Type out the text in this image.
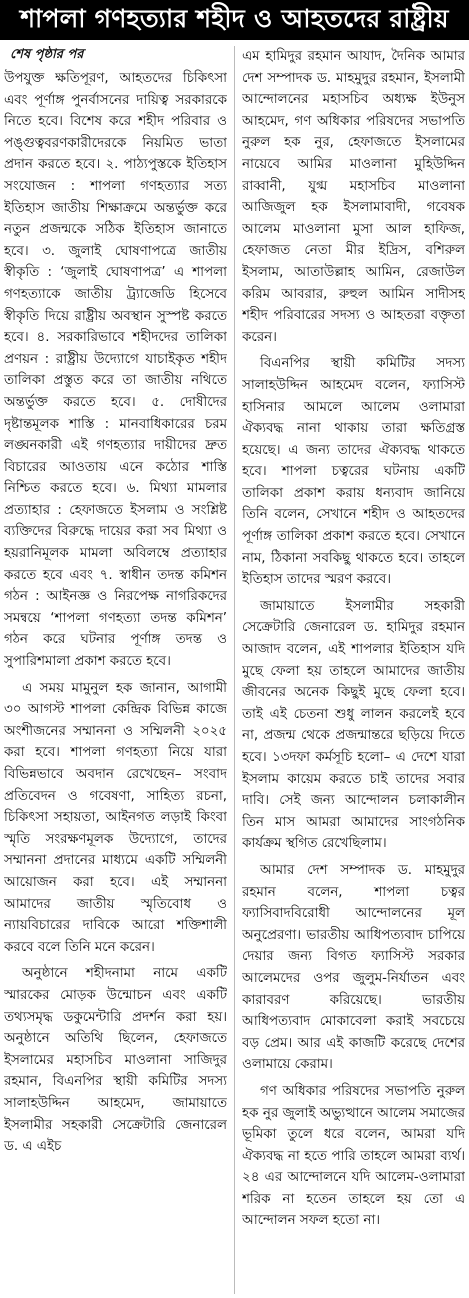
শাপলা গণহত্যার শহীদ ও আহতদের রাষ্ট্রীয়
শেষ পৃষ্ঠার পর

উপযুক্ত ক্ষতিপূরণ, আহতদের চিকিৎসা এবং পূর্ণাঙ্গ পুনর্বাসনের দায়িত্ব সরকারকে নিতে হবে। বিশেষ করে শহীদ পরিবার ও পঙ্গুত্ববরণকারীদেরকে নিয়মিত ভাতা প্রদান করতে হবে। ২. পাঠ্যপুস্তকে ইতিহাস সংযোজন : শাপলা গণহত্যার সত্য ইতিহাস জাতীয় শিক্ষাক্রমে অন্তর্ভুক্ত করে নতুন প্রজন্মকে সঠিক ইতিহাস জানাতে হবে। ৩. জুলাই ঘোষণাপত্রে জাতীয় স্বীকৃতি : ‘জুলাই ঘোষণাপত্র’ এ শাপলা গণহত্যাকে জাতীয় ট্র্যাজেডি হিসেবে স্বীকৃতি দিয়ে রাষ্ট্রীয় অবস্থান সুস্পষ্ট করতে হবে। ৪. সরকারিভাবে শহীদদের তালিকা প্রণয়ন : রাষ্ট্রীয় উদ্যোগে যাচাইকৃত শহীদ তালিকা প্রস্তুত করে তা জাতীয় নথিতে অন্তর্ভুক্ত করতে হবে। ৫. দোষীদের দৃষ্টান্তমূলক শাস্তি : মানবাধিকারের চরম লঙ্ঘনকারী এই গণহত্যার দায়ীদের দ্রুত বিচারের আওতায় এনে কঠোর শাস্তি নিশ্চিত করতে হবে। ৬. মিথ্যা মামলার প্রত্যাহার : হেফাজতে ইসলাম ও সংশ্লিষ্ট ব্যক্তিদের বিরুদ্ধে দায়ের করা সব মিথ্যা ও হয়রানিমূলক মামলা অবিলম্বে প্রত্যাহার করতে হবে এবং ৭. স্বাধীন তদন্ত কমিশন গঠন : আইনজ্ঞ ও নিরপেক্ষ নাগরিকদের সমন্বয়ে ‘শাপলা গণহত্যা তদন্ত কমিশন’ গঠন করে ঘটনার পূর্ণাঙ্গ তদন্ত ও সুপারিশমালা প্রকাশ করতে হবে।

এ সময় মামুনুল হক জানান, আগামী ৩০ আগস্ট শাপলা কেন্দ্রিক বিভিন্ন কাজে অংশীজনের সম্মাননা ও সম্মিলনী ২০২৫ করা হবে। শাপলা গণহত্যা নিয়ে যারা বিভিন্নভাবে অবদান রেখেছেন– সংবাদ প্রতিবেদন ও গবেষণা, সাহিত্য রচনা, চিকিৎসা সহায়তা, আইনগত লড়াই কিংবা স্মৃতি সংরক্ষণমূলক উদ্যোগে, তাদের সম্মাননা প্রদানের মাধ্যমে একটি সম্মিলনী আয়োজন করা হবে। এই সম্মাননা আমাদের জাতীয় স্মৃতিবোধ ও ন্যায়বিচারের দাবিকে আরো শক্তিশালী করবে বলে তিনি মনে করেন।

অনুষ্ঠানে শহীদনামা নামে একটি স্মারকের মোড়ক উন্মোচন এবং একটি তথ্যসমৃদ্ধ ডকুমেন্টারি প্রদর্শন করা হয়। অনুষ্ঠানে অতিথি ছিলেন, হেফাজতে ইসলামের মহাসচিব মাওলানা সাজিদুর রহমান, বিএনপির স্থায়ী কমিটির সদস্য সালাহউদ্দিন আহমেদ, জামায়াতে ইসলামীর সহকারী সেক্রেটারি জেনারেল ড. এ এইচ

এম হামিদুর রহমান আযাদ, দৈনিক আমার দেশ সম্পাদক ড. মাহমুদুর রহমান, ইসলামী আন্দোলনের মহাসচিব অধ্যক্ষ ইউনুস আহমেদ, গণ অধিকার পরিষদের সভাপতি নুরুল হক নুর, হেফাজতে ইসলামের নায়েবে আমির মাওলানা মুহিউদ্দিন রাব্বানী, যুগ্ম মহাসচিব মাওলানা আজিজুল হক ইসলামাবাদী, গবেষক আলেম মাওলানা মুসা আল হাফিজ, হেফাজত নেতা মীর ইদ্রিস, বশিরুল ইসলাম, আতাউল্লাহ আমিন, রেজাউল করিম আবরার, রুহুল আমিন সাদীসহ শহীদ পরিবারের সদস্য ও আহতরা বক্তৃতা করেন।

বিএনপির স্থায়ী কমিটির সদস্য সালাহউদ্দিন আহমেদ বলেন, ফ্যাসিস্ট হাসিনার আমলে আলেম ওলামারা ঐক্যবদ্ধ নানা থাকায় তারা ক্ষতিগ্রস্ত হয়েছে। এ জন্য তাদের ঐক্যবদ্ধ থাকতে হবে। শাপলা চত্বরের ঘটনায় একটি তালিকা প্রকাশ করায় ধন্যবাদ জানিয়ে তিনি বলেন, সেখানে শহীদ ও আহতদের পূর্ণাঙ্গ তালিকা প্রকাশ করতে হবে। সেখানে নাম, ঠিকানা সবকিছু থাকতে হবে। তাহলে ইতিহাস তাদের স্মরণ করবে।

জামায়াতে ইসলামীর সহকারী সেক্রেটারি জেনারেল ড. হামিদুর রহমান আজাদ বলেন, এই শাপলার ইতিহাস যদি মুছে ফেলা হয় তাহলে আমাদের জাতীয় জীবনের অনেক কিছুই মুছে ফেলা হবে। তাই এই চেতনা শুধু লালন করলেই হবে না, প্রজন্ম থেকে প্রজন্মান্তরে ছড়িয়ে দিতে হবে। ১৩দফা কর্মসূচি হলো– এ দেশে যারা ইসলাম কায়েম করতে চাই তাদের সবার দাবি। সেই জন্য আন্দোলন চলাকালীন তিন মাস আমরা আমাদের সাংগঠনিক কার্যক্রম স্থগিত রেখেছিলাম।

আমার দেশ সম্পাদক ড. মাহমুদুর রহমান বলেন, শাপলা চত্বর ফ্যাসিবাদবিরোধী আন্দোলনের মূল অনুপ্রেরণা। ভারতীয় আধিপত্যবাদ চাপিয়ে দেয়ার জন্য বিগত ফ্যাসিস্ট সরকার আলেমদের ওপর জুলুম-নির্যাতন এবং কারাবরণ করিয়েছে। ভারতীয় আধিপত্যবাদ মোকাবেলা করাই সবচেয়ে বড় প্রেম। আর এই কাজটি করেছে দেশের ওলামায়ে কেরাম।

গণ অধিকার পরিষদের সভাপতি নুরুল হক নুর জুলাই অভ্যুত্থানে আলেম সমাজের ভূমিকা তুলে ধরে বলেন, আমরা যদি ঐক্যবদ্ধ না হতে পারি তাহলে আমরা ব্যর্থ। ২৪ এর আন্দোলনে যদি আলেম-ওলামারা শরিক না হতেন তাহলে হয় তো এ আন্দোলন সফল হতো না।
